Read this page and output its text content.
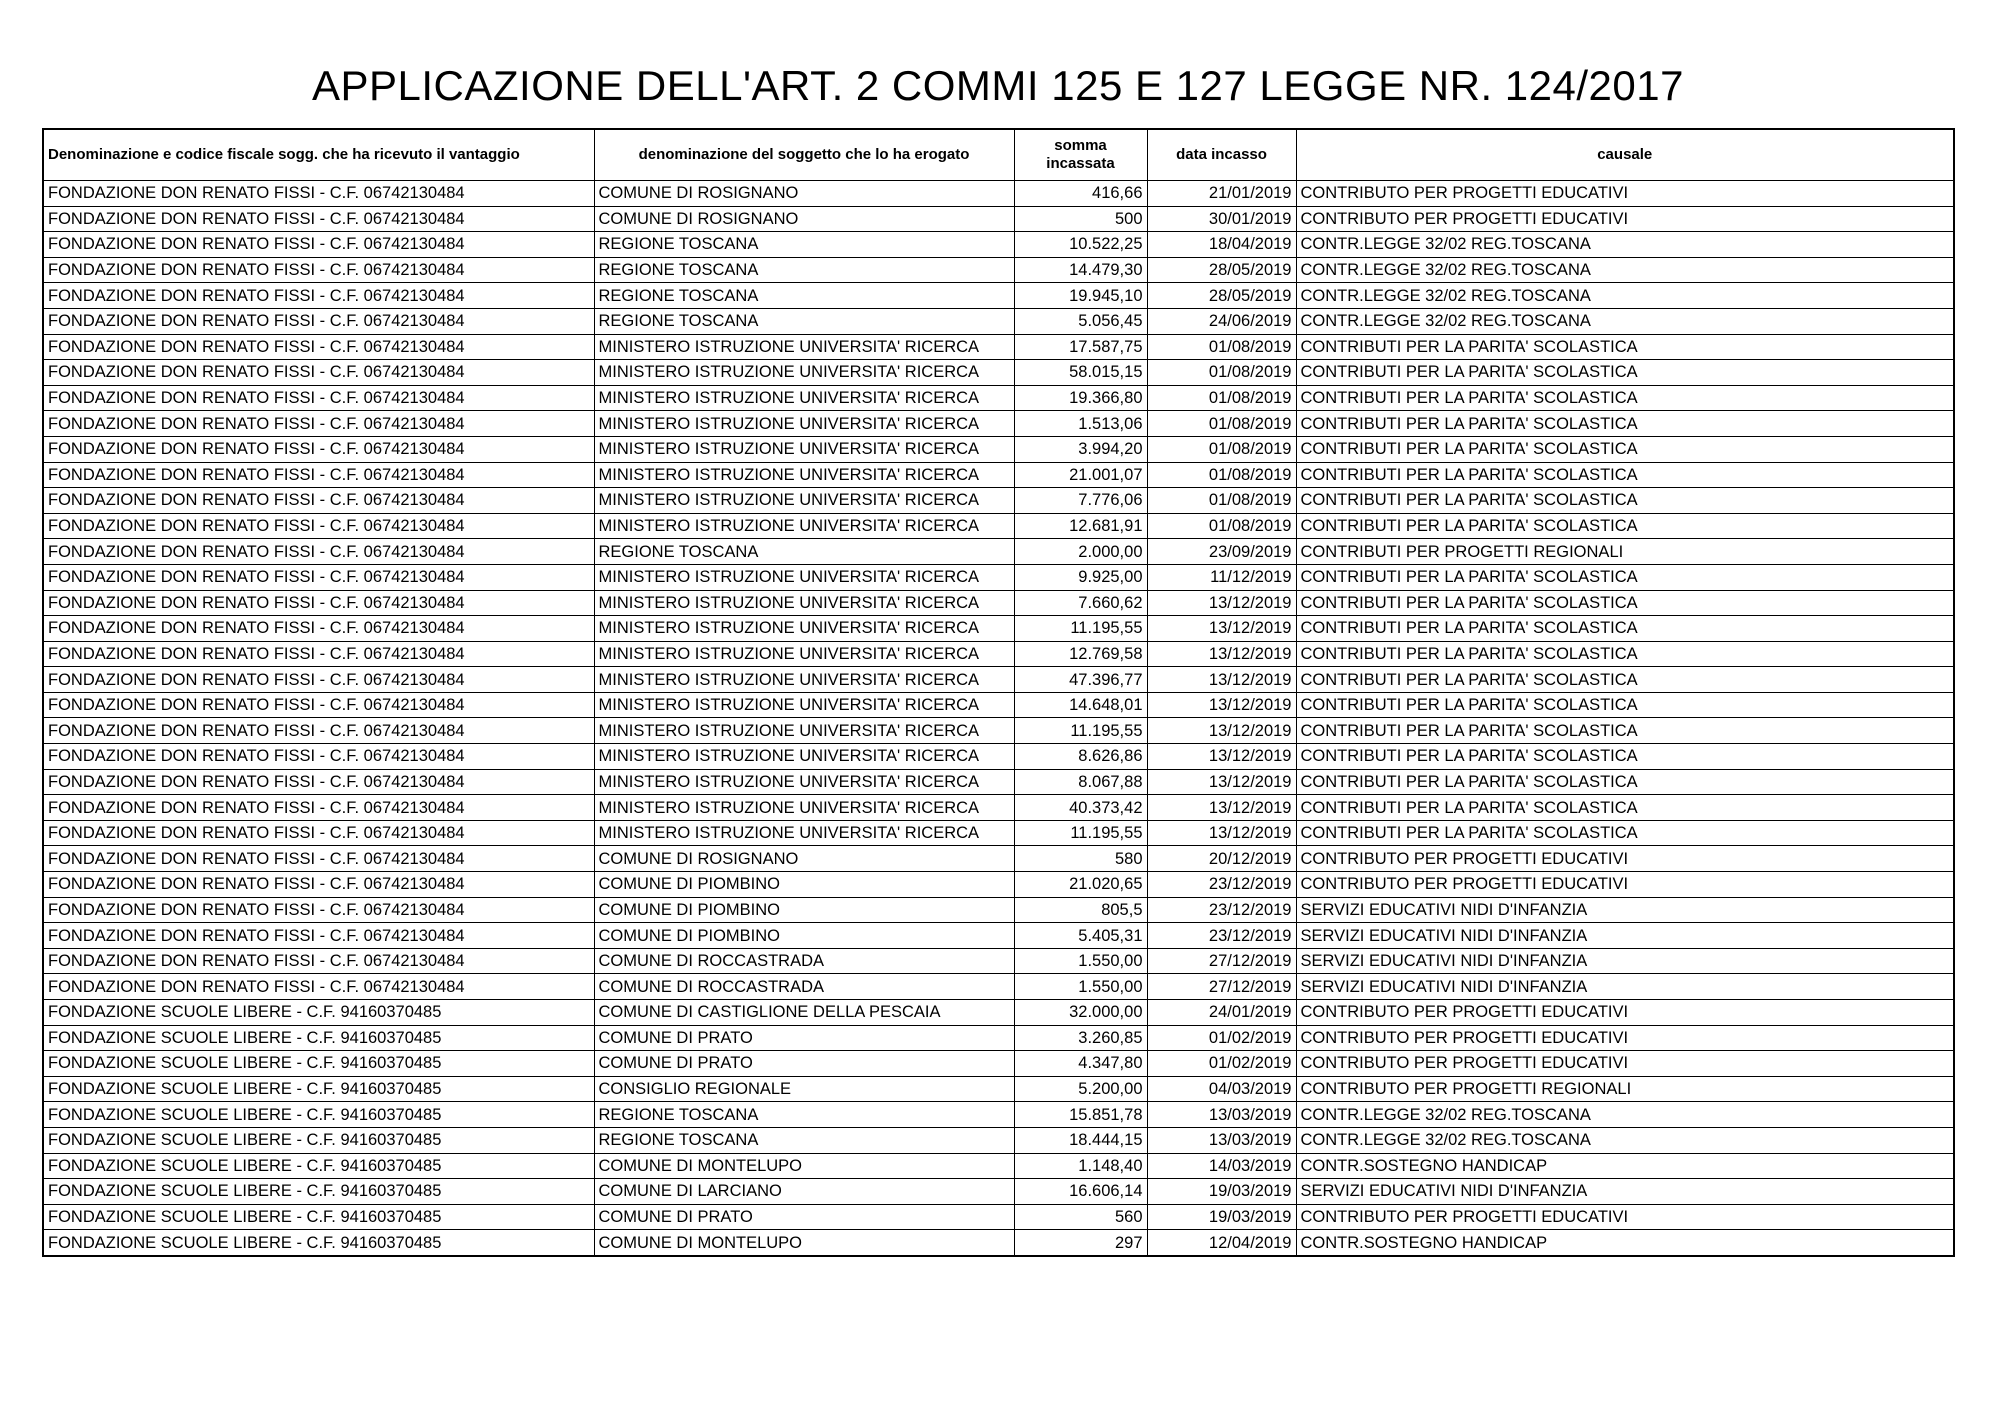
APPLICAZIONE DELL'ART. 2 COMMI 125 E 127 LEGGE NR. 124/2017
Denominazione e codice fiscale sogg. che ha ricevuto il vantaggio	denominazione del soggetto che lo ha erogato	somma incassata	data incasso	causale
FONDAZIONE DON RENATO FISSI - C.F. 06742130484	COMUNE DI ROSIGNANO	416,66	21/01/2019	CONTRIBUTO PER PROGETTI EDUCATIVI
FONDAZIONE DON RENATO FISSI - C.F. 06742130484	COMUNE DI ROSIGNANO	500	30/01/2019	CONTRIBUTO PER PROGETTI EDUCATIVI
FONDAZIONE DON RENATO FISSI - C.F. 06742130484	REGIONE TOSCANA	10.522,25	18/04/2019	CONTR.LEGGE 32/02 REG.TOSCANA
FONDAZIONE DON RENATO FISSI - C.F. 06742130484	REGIONE TOSCANA	14.479,30	28/05/2019	CONTR.LEGGE 32/02 REG.TOSCANA
FONDAZIONE DON RENATO FISSI - C.F. 06742130484	REGIONE TOSCANA	19.945,10	28/05/2019	CONTR.LEGGE 32/02 REG.TOSCANA
FONDAZIONE DON RENATO FISSI - C.F. 06742130484	REGIONE TOSCANA	5.056,45	24/06/2019	CONTR.LEGGE 32/02 REG.TOSCANA
FONDAZIONE DON RENATO FISSI - C.F. 06742130484	MINISTERO ISTRUZIONE UNIVERSITA' RICERCA	17.587,75	01/08/2019	CONTRIBUTI PER LA PARITA' SCOLASTICA
FONDAZIONE DON RENATO FISSI - C.F. 06742130484	MINISTERO ISTRUZIONE UNIVERSITA' RICERCA	58.015,15	01/08/2019	CONTRIBUTI PER LA PARITA' SCOLASTICA
FONDAZIONE DON RENATO FISSI - C.F. 06742130484	MINISTERO ISTRUZIONE UNIVERSITA' RICERCA	19.366,80	01/08/2019	CONTRIBUTI PER LA PARITA' SCOLASTICA
FONDAZIONE DON RENATO FISSI - C.F. 06742130484	MINISTERO ISTRUZIONE UNIVERSITA' RICERCA	1.513,06	01/08/2019	CONTRIBUTI PER LA PARITA' SCOLASTICA
FONDAZIONE DON RENATO FISSI - C.F. 06742130484	MINISTERO ISTRUZIONE UNIVERSITA' RICERCA	3.994,20	01/08/2019	CONTRIBUTI PER LA PARITA' SCOLASTICA
FONDAZIONE DON RENATO FISSI - C.F. 06742130484	MINISTERO ISTRUZIONE UNIVERSITA' RICERCA	21.001,07	01/08/2019	CONTRIBUTI PER LA PARITA' SCOLASTICA
FONDAZIONE DON RENATO FISSI - C.F. 06742130484	MINISTERO ISTRUZIONE UNIVERSITA' RICERCA	7.776,06	01/08/2019	CONTRIBUTI PER LA PARITA' SCOLASTICA
FONDAZIONE DON RENATO FISSI - C.F. 06742130484	MINISTERO ISTRUZIONE UNIVERSITA' RICERCA	12.681,91	01/08/2019	CONTRIBUTI PER LA PARITA' SCOLASTICA
FONDAZIONE DON RENATO FISSI - C.F. 06742130484	REGIONE TOSCANA	2.000,00	23/09/2019	CONTRIBUTI PER PROGETTI REGIONALI
FONDAZIONE DON RENATO FISSI - C.F. 06742130484	MINISTERO ISTRUZIONE UNIVERSITA' RICERCA	9.925,00	11/12/2019	CONTRIBUTI PER LA PARITA' SCOLASTICA
FONDAZIONE DON RENATO FISSI - C.F. 06742130484	MINISTERO ISTRUZIONE UNIVERSITA' RICERCA	7.660,62	13/12/2019	CONTRIBUTI PER LA PARITA' SCOLASTICA
FONDAZIONE DON RENATO FISSI - C.F. 06742130484	MINISTERO ISTRUZIONE UNIVERSITA' RICERCA	11.195,55	13/12/2019	CONTRIBUTI PER LA PARITA' SCOLASTICA
FONDAZIONE DON RENATO FISSI - C.F. 06742130484	MINISTERO ISTRUZIONE UNIVERSITA' RICERCA	12.769,58	13/12/2019	CONTRIBUTI PER LA PARITA' SCOLASTICA
FONDAZIONE DON RENATO FISSI - C.F. 06742130484	MINISTERO ISTRUZIONE UNIVERSITA' RICERCA	47.396,77	13/12/2019	CONTRIBUTI PER LA PARITA' SCOLASTICA
FONDAZIONE DON RENATO FISSI - C.F. 06742130484	MINISTERO ISTRUZIONE UNIVERSITA' RICERCA	14.648,01	13/12/2019	CONTRIBUTI PER LA PARITA' SCOLASTICA
FONDAZIONE DON RENATO FISSI - C.F. 06742130484	MINISTERO ISTRUZIONE UNIVERSITA' RICERCA	11.195,55	13/12/2019	CONTRIBUTI PER LA PARITA' SCOLASTICA
FONDAZIONE DON RENATO FISSI - C.F. 06742130484	MINISTERO ISTRUZIONE UNIVERSITA' RICERCA	8.626,86	13/12/2019	CONTRIBUTI PER LA PARITA' SCOLASTICA
FONDAZIONE DON RENATO FISSI - C.F. 06742130484	MINISTERO ISTRUZIONE UNIVERSITA' RICERCA	8.067,88	13/12/2019	CONTRIBUTI PER LA PARITA' SCOLASTICA
FONDAZIONE DON RENATO FISSI - C.F. 06742130484	MINISTERO ISTRUZIONE UNIVERSITA' RICERCA	40.373,42	13/12/2019	CONTRIBUTI PER LA PARITA' SCOLASTICA
FONDAZIONE DON RENATO FISSI - C.F. 06742130484	MINISTERO ISTRUZIONE UNIVERSITA' RICERCA	11.195,55	13/12/2019	CONTRIBUTI PER LA PARITA' SCOLASTICA
FONDAZIONE DON RENATO FISSI - C.F. 06742130484	COMUNE DI ROSIGNANO	580	20/12/2019	CONTRIBUTO PER PROGETTI EDUCATIVI
FONDAZIONE DON RENATO FISSI - C.F. 06742130484	COMUNE DI PIOMBINO	21.020,65	23/12/2019	CONTRIBUTO PER PROGETTI EDUCATIVI
FONDAZIONE DON RENATO FISSI - C.F. 06742130484	COMUNE DI PIOMBINO	805,5	23/12/2019	SERVIZI EDUCATIVI NIDI D'INFANZIA
FONDAZIONE DON RENATO FISSI - C.F. 06742130484	COMUNE DI PIOMBINO	5.405,31	23/12/2019	SERVIZI EDUCATIVI NIDI D'INFANZIA
FONDAZIONE DON RENATO FISSI - C.F. 06742130484	COMUNE DI ROCCASTRADA	1.550,00	27/12/2019	SERVIZI EDUCATIVI NIDI D'INFANZIA
FONDAZIONE DON RENATO FISSI - C.F. 06742130484	COMUNE DI ROCCASTRADA	1.550,00	27/12/2019	SERVIZI EDUCATIVI NIDI D'INFANZIA
FONDAZIONE SCUOLE LIBERE - C.F. 94160370485	COMUNE DI CASTIGLIONE DELLA PESCAIA	32.000,00	24/01/2019	CONTRIBUTO PER PROGETTI EDUCATIVI
FONDAZIONE SCUOLE LIBERE - C.F. 94160370485	COMUNE DI PRATO	3.260,85	01/02/2019	CONTRIBUTO PER PROGETTI EDUCATIVI
FONDAZIONE SCUOLE LIBERE - C.F. 94160370485	COMUNE DI PRATO	4.347,80	01/02/2019	CONTRIBUTO PER PROGETTI EDUCATIVI
FONDAZIONE SCUOLE LIBERE - C.F. 94160370485	CONSIGLIO REGIONALE	5.200,00	04/03/2019	CONTRIBUTO PER PROGETTI REGIONALI
FONDAZIONE SCUOLE LIBERE - C.F. 94160370485	REGIONE TOSCANA	15.851,78	13/03/2019	CONTR.LEGGE 32/02 REG.TOSCANA
FONDAZIONE SCUOLE LIBERE - C.F. 94160370485	REGIONE TOSCANA	18.444,15	13/03/2019	CONTR.LEGGE 32/02 REG.TOSCANA
FONDAZIONE SCUOLE LIBERE - C.F. 94160370485	COMUNE DI MONTELUPO	1.148,40	14/03/2019	CONTR.SOSTEGNO HANDICAP
FONDAZIONE SCUOLE LIBERE - C.F. 94160370485	COMUNE DI LARCIANO	16.606,14	19/03/2019	SERVIZI EDUCATIVI NIDI D'INFANZIA
FONDAZIONE SCUOLE LIBERE - C.F. 94160370485	COMUNE DI PRATO	560	19/03/2019	CONTRIBUTO PER PROGETTI EDUCATIVI
FONDAZIONE SCUOLE LIBERE - C.F. 94160370485	COMUNE DI MONTELUPO	297	12/04/2019	CONTR.SOSTEGNO HANDICAP
